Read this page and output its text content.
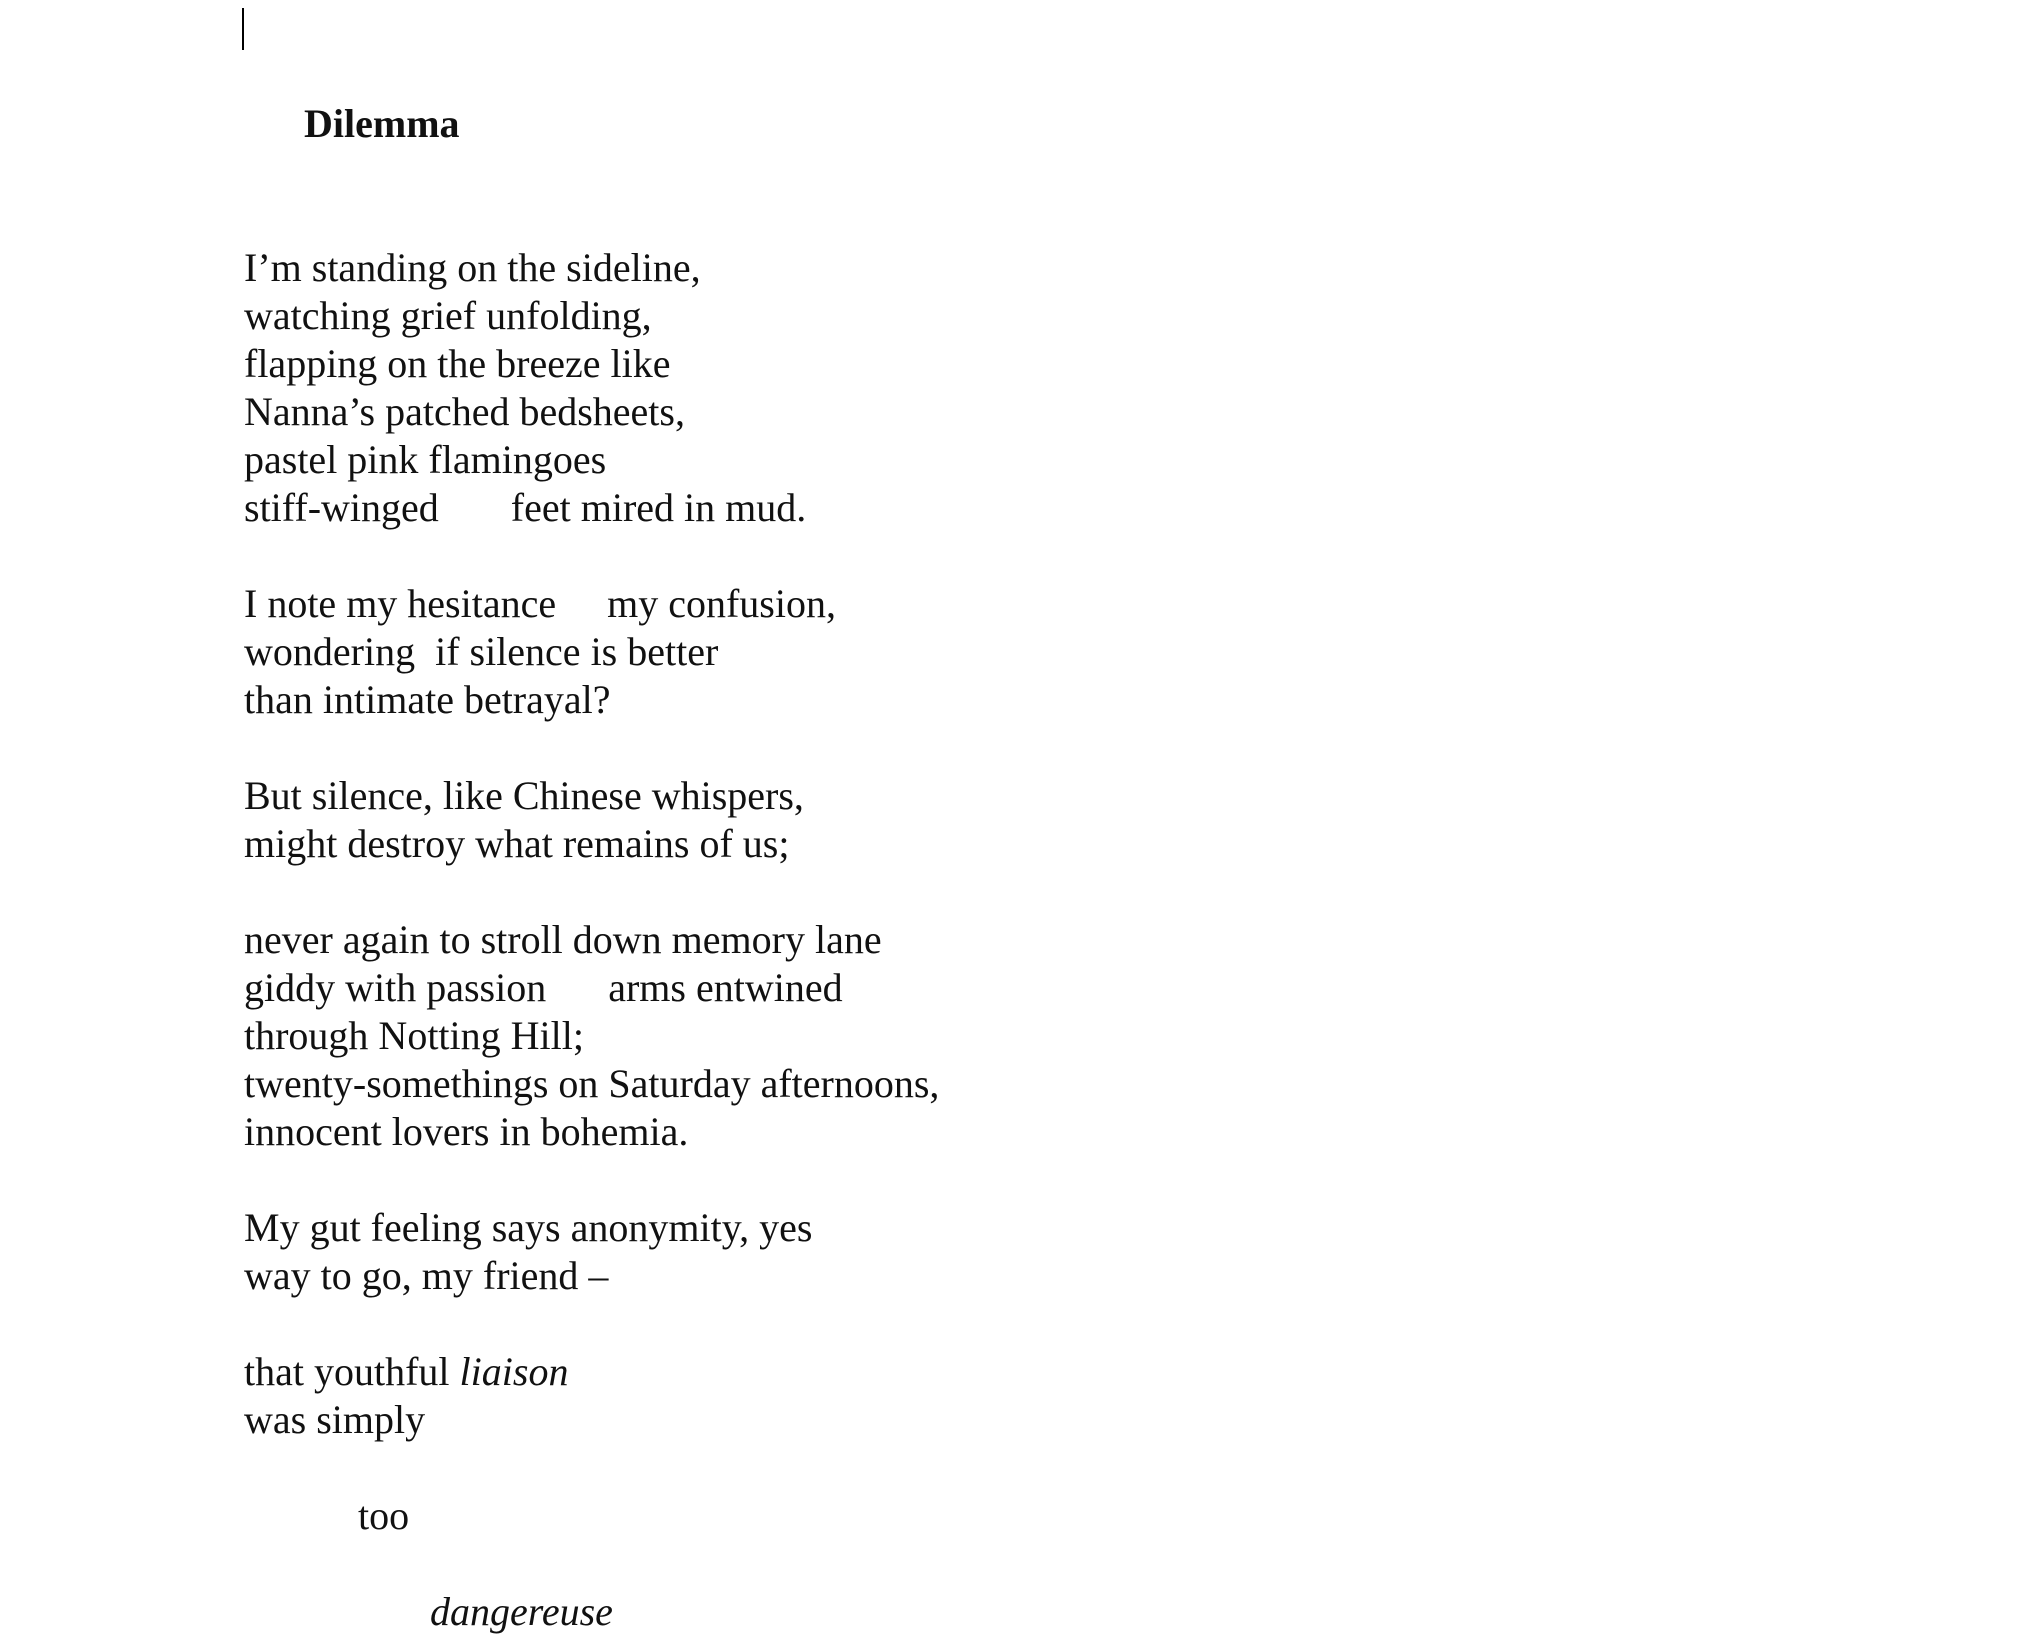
Dilemma

I’m standing on the sideline,
watching grief unfolding,
flapping on the breeze like
Nanna’s patched bedsheets,
pastel pink flamingoes
stiff-winged feet mired in mud.
I note my hesitance my confusion,
wondering  if silence is better
than intimate betrayal?
But silence, like Chinese whispers,
might destroy what remains of us;
never again to stroll down memory lane
giddy with passion arms entwined
through Notting Hill;
twenty-somethings on Saturday afternoons,
innocent lovers in bohemia.
My gut feeling says anonymity, yes
way to go, my friend –
that youthful liaison
was simply
too
dangereuse
